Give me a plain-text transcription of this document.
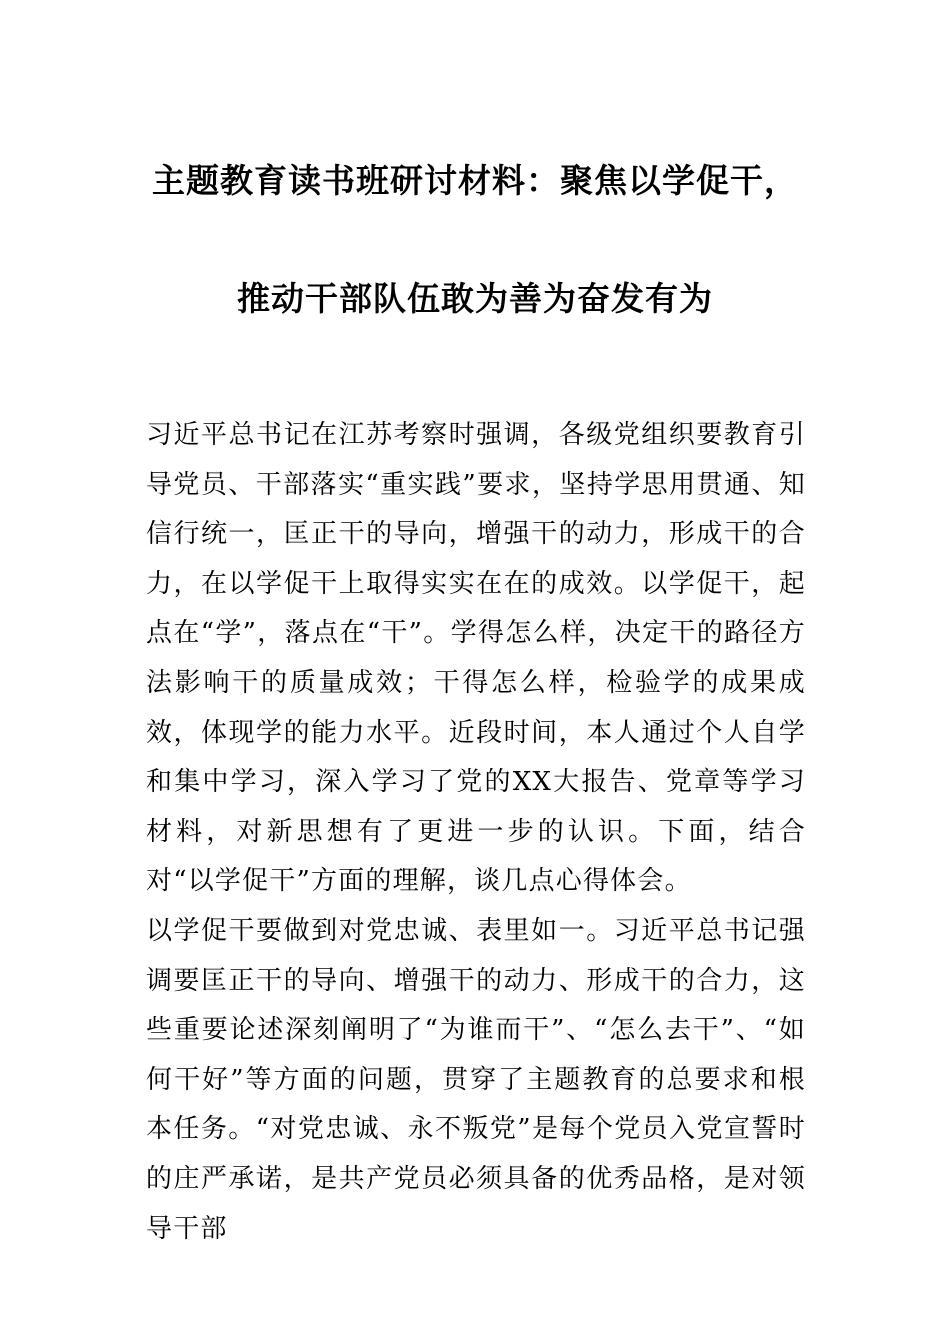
主题教育读书班研讨材料：聚焦以学促干，
推动干部队伍敢为善为奋发有为

习近平总书记在江苏考察时强调，各级党组织要教育引导党员、干部落实“重实践”要求，坚持学思用贯通、知信行统一，匡正干的导向，增强干的动力，形成干的合力，在以学促干上取得实实在在的成效。以学促干，起点在“学”，落点在“干”。学得怎么样，决定干的路径方法影响干的质量成效；干得怎么样，检验学的成果成效，体现学的能力水平。近段时间，本人通过个人自学和集中学习，深入学习了党的XX大报告、党章等学习材料，对新思想有了更进一步的认识。下面，结合对“以学促干”方面的理解，谈几点心得体会。

以学促干要做到对党忠诚、表里如一。习近平总书记强调要匡正干的导向、增强干的动力、形成干的合力，这些重要论述深刻阐明了“为谁而干”、“怎么去干”、“如何干好”等方面的问题，贯穿了主题教育的总要求和根本任务。“对党忠诚、永不叛党”是每个党员入党宣誓时的庄严承诺，是共产党员必须具备的优秀品格，是对领导干部
